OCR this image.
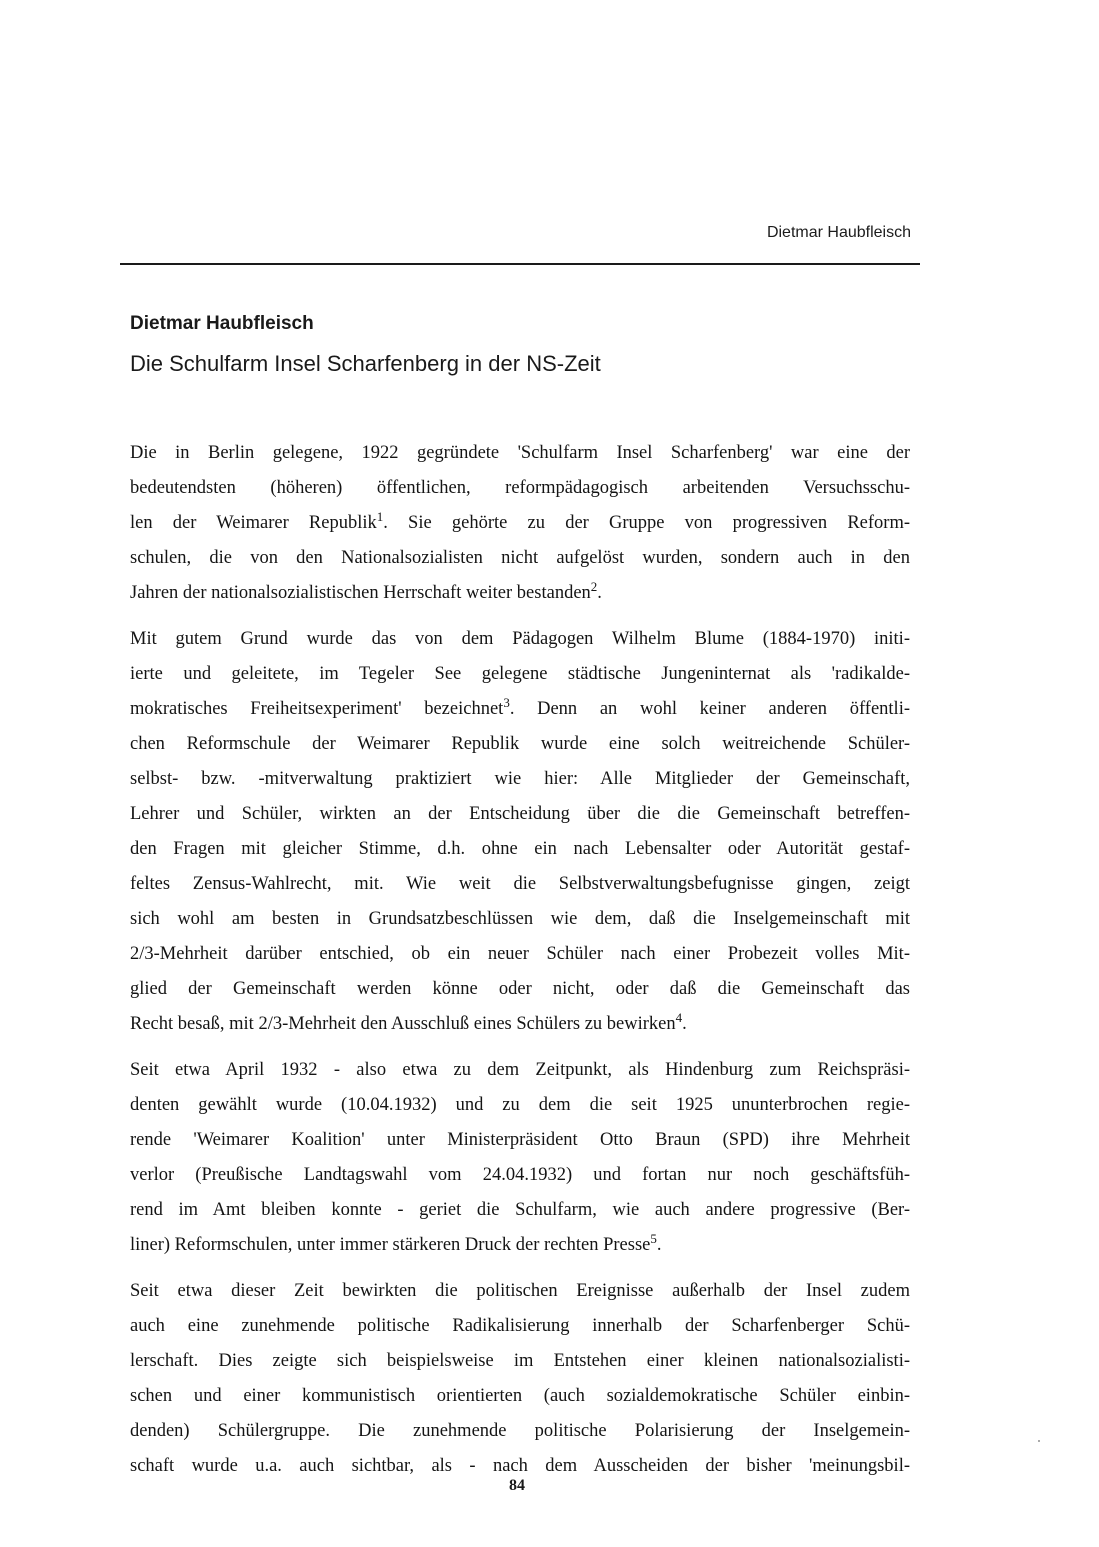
Dietmar Haubfleisch
Dietmar Haubfleisch
Die Schulfarm Insel Scharfenberg in der NS-Zeit

Die in Berlin gelegene, 1922 gegründete 'Schulfarm Insel Scharfenberg' war eine der
bedeutendsten (höheren) öffentlichen, reformpädagogisch arbeitenden Versuchsschu-
len der Weimarer Republik$^1$. Sie gehörte zu der Gruppe von progressiven Reform-
schulen, die von den Nationalsozialisten nicht aufgelöst wurden, sondern auch in den
Jahren der nationalsozialistischen Herrschaft weiter bestanden$^2$.

Mit gutem Grund wurde das von dem Pädagogen Wilhelm Blume (1884-1970) initi-
ierte und geleitete, im Tegeler See gelegene städtische Jungeninternat als 'radikalde-
mokratisches Freiheitsexperiment' bezeichnet$^3$. Denn an wohl keiner anderen öffentli-
chen Reformschule der Weimarer Republik wurde eine solch weitreichende Schüler-
selbst- bzw. -mitverwaltung praktiziert wie hier: Alle Mitglieder der Gemeinschaft,
Lehrer und Schüler, wirkten an der Entscheidung über die die Gemeinschaft betreffen-
den Fragen mit gleicher Stimme, d.h. ohne ein nach Lebensalter oder Autorität gestaf-
feltes Zensus-Wahlrecht, mit. Wie weit die Selbstverwaltungsbefugnisse gingen, zeigt
sich wohl am besten in Grundsatzbeschlüssen wie dem, daß die Inselgemeinschaft mit
2/3-Mehrheit darüber entschied, ob ein neuer Schüler nach einer Probezeit volles Mit-
glied der Gemeinschaft werden könne oder nicht, oder daß die Gemeinschaft das
Recht besaß, mit 2/3-Mehrheit den Ausschluß eines Schülers zu bewirken$^4$.

Seit etwa April 1932 - also etwa zu dem Zeitpunkt, als Hindenburg zum Reichspräsi-
denten gewählt wurde (10.04.1932) und zu dem die seit 1925 ununterbrochen regie-
rende 'Weimarer Koalition' unter Ministerpräsident Otto Braun (SPD) ihre Mehrheit
verlor (Preußische Landtagswahl vom 24.04.1932) und fortan nur noch geschäftsfüh-
rend im Amt bleiben konnte - geriet die Schulfarm, wie auch andere progressive (Ber-
liner) Reformschulen, unter immer stärkeren Druck der rechten Presse$^5$.

Seit etwa dieser Zeit bewirkten die politischen Ereignisse außerhalb der Insel zudem
auch eine zunehmende politische Radikalisierung innerhalb der Scharfenberger Schü-
lerschaft. Dies zeigte sich beispielsweise im Entstehen einer kleinen nationalsozialisti-
schen und einer kommunistisch orientierten (auch sozialdemokratische Schüler einbin-
denden) Schülergruppe. Die zunehmende politische Polarisierung der Inselgemein-
schaft wurde u.a. auch sichtbar, als - nach dem Ausscheiden der bisher 'meinungsbil-

84
